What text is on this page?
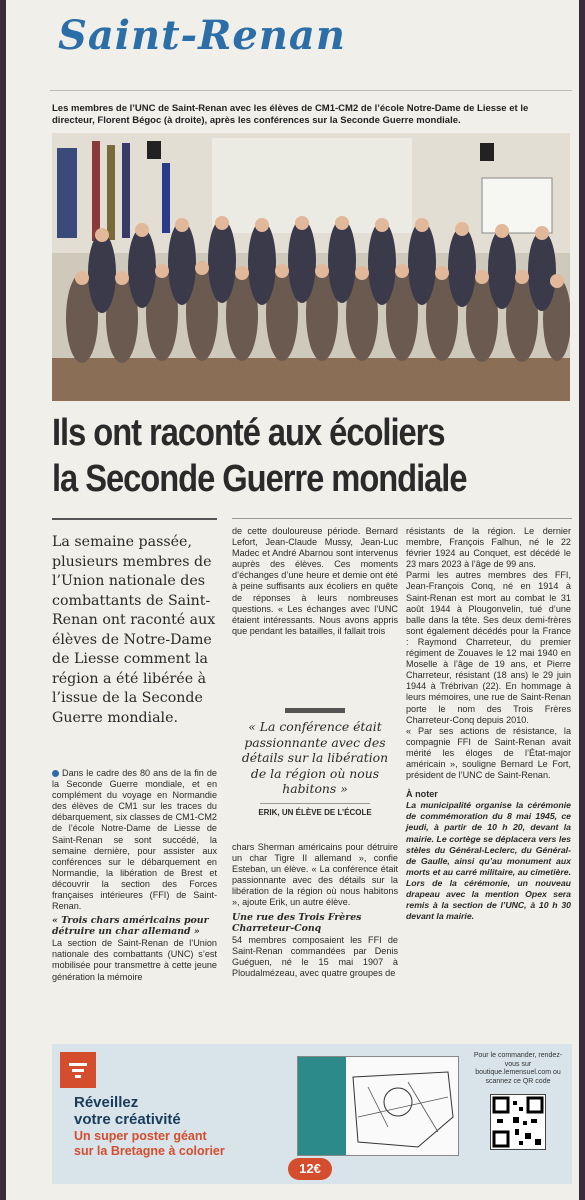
Saint-Renan
Les membres de l’UNC de Saint-Renan avec les élèves de CM1-CM2 de l’école Notre-Dame de Liesse et le directeur, Florent Bégoc (à droite), après les conférences sur la Seconde Guerre mondiale.
Ils ont raconté aux écoliers
la Seconde Guerre mondiale
La semaine passée, plusieurs membres de l’Union nationale des combattants de Saint-Renan ont raconté aux élèves de Notre-Dame de Liesse comment la région a été libérée à l’issue de la Seconde Guerre mondiale.

Dans le cadre des 80 ans de la fin de la Seconde Guerre mondiale, et en complément du voyage en Normandie des élèves de CM1 sur les traces du débarquement, six classes de CM1-CM2 de l’école Notre-Dame de Liesse de Saint-Renan se sont succédé, la semaine dernière, pour assister aux conférences sur le débarquement en Normandie, la libération de Brest et découvrir la section des Forces françaises intérieures (FFI) de Saint-Renan.

« Trois chars américains pour détruire un char allemand »

La section de Saint-Renan de l’Union nationale des combattants (UNC) s’est mobilisée pour transmettre à cette jeune génération la mémoire

de cette douloureuse période. Bernard Lefort, Jean-Claude Mussy, Jean-Luc Madec et André Abarnou sont intervenus auprès des élèves. Ces moments d’échanges d’une heure et demie ont été à peine suffisants aux écoliers en quête de réponses à leurs nombreuses questions. « Les échanges avec l’UNC étaient intéressants. Nous avons appris que pendant les batailles, il fallait trois

« La conférence était passionnante avec des détails sur la libération de la région où nous habitons »
ERIK, UN ÉLÈVE DE L’ÉCOLE

chars Sherman américains pour détruire un char Tigre II allemand », confie Esteban, un élève. « La conférence était passionnante avec des détails sur la libération de la région où nous habitons », ajoute Erik, un autre élève.

Une rue des Trois Frères Charreteur-Conq

54 membres composaient les FFI de Saint-Renan commandées par Denis Guéguen, né le 15 mai 1907 à Ploudalmézeau, avec quatre groupes de

résistants de la région. Le dernier membre, François Falhun, né le 22 février 1924 au Conquet, est décédé le 23 mars 2023 à l’âge de 99 ans.

Parmi les autres membres des FFI, Jean-François Conq, né en 1914 à Saint-Renan est mort au combat le 31 août 1944 à Plougonvelin, tué d’une balle dans la tête. Ses deux demi-frères sont également décédés pour la France : Raymond Charreteur, du premier régiment de Zouaves le 12 mai 1940 en Moselle à l’âge de 19 ans, et Pierre Charreteur, résistant (18 ans) le 29 juin 1944 à Trébrivan (22). En hommage à leurs mémoires, une rue de Saint-Renan porte le nom des Trois Frères Charreteur-Conq depuis 2010.

« Par ses actions de résistance, la compagnie FFI de Saint-Renan avait mérité les éloges de l’État-major américain », souligne Bernard Le Fort, président de l’UNC de Saint-Renan.

À noter

La municipalité organise la cérémonie de commémoration du 8 mai 1945, ce jeudi, à partir de 10 h 20, devant la mairie. Le cortège se déplacera vers les stèles du Général-Leclerc, du Général-de Gaulle, ainsi qu’au monument aux morts et au carré militaire, au cimetière. Lors de la cérémonie, un nouveau drapeau avec la mention Opex sera remis à la section de l’UNC, à 10 h 30 devant la mairie.

Réveillez
votre créativité
Un super poster géant
sur la Bretagne à colorier
12€
Pour le commander, rendez-vous sur boutique.lemensuel.com ou scannez ce QR code
